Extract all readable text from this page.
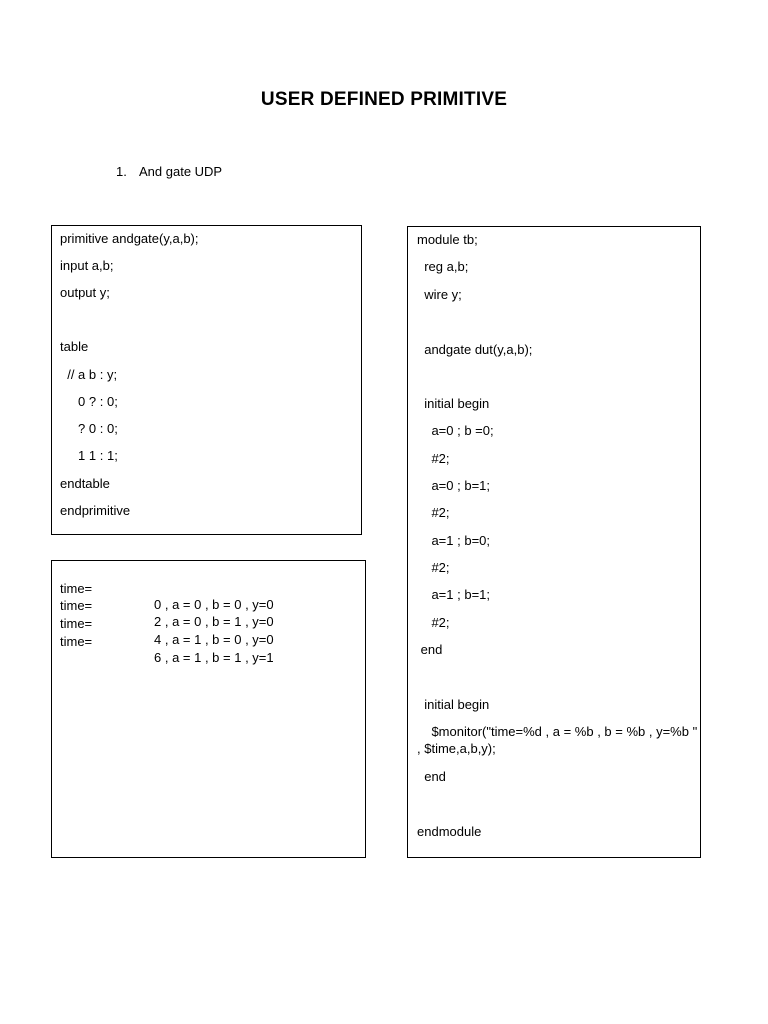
USER DEFINED PRIMITIVE
1. And gate UDP
primitive andgate(y,a,b);
input a,b;
output y;
table
// a b : y;
0 ? : 0;
? 0 : 0;
1 1 : 1;
endtable
endprimitive

time=

0 , a = 0 , b = 0 , y=0

time=

2 , a = 0 , b = 1 , y=0

time=

4 , a = 1 , b = 0 , y=0

time=

6 , a = 1 , b = 1 , y=1

module tb;
reg a,b;
wire y;
andgate dut(y,a,b);
initial begin
a=0 ; b =0;
#2;
a=0 ; b=1;
#2;
a=1 ; b=0;
#2;
a=1 ; b=1;
#2;
end
initial begin
$monitor("time=%d , a = %b , b = %b , y=%b "
, $time,a,b,y);
end
endmodule
